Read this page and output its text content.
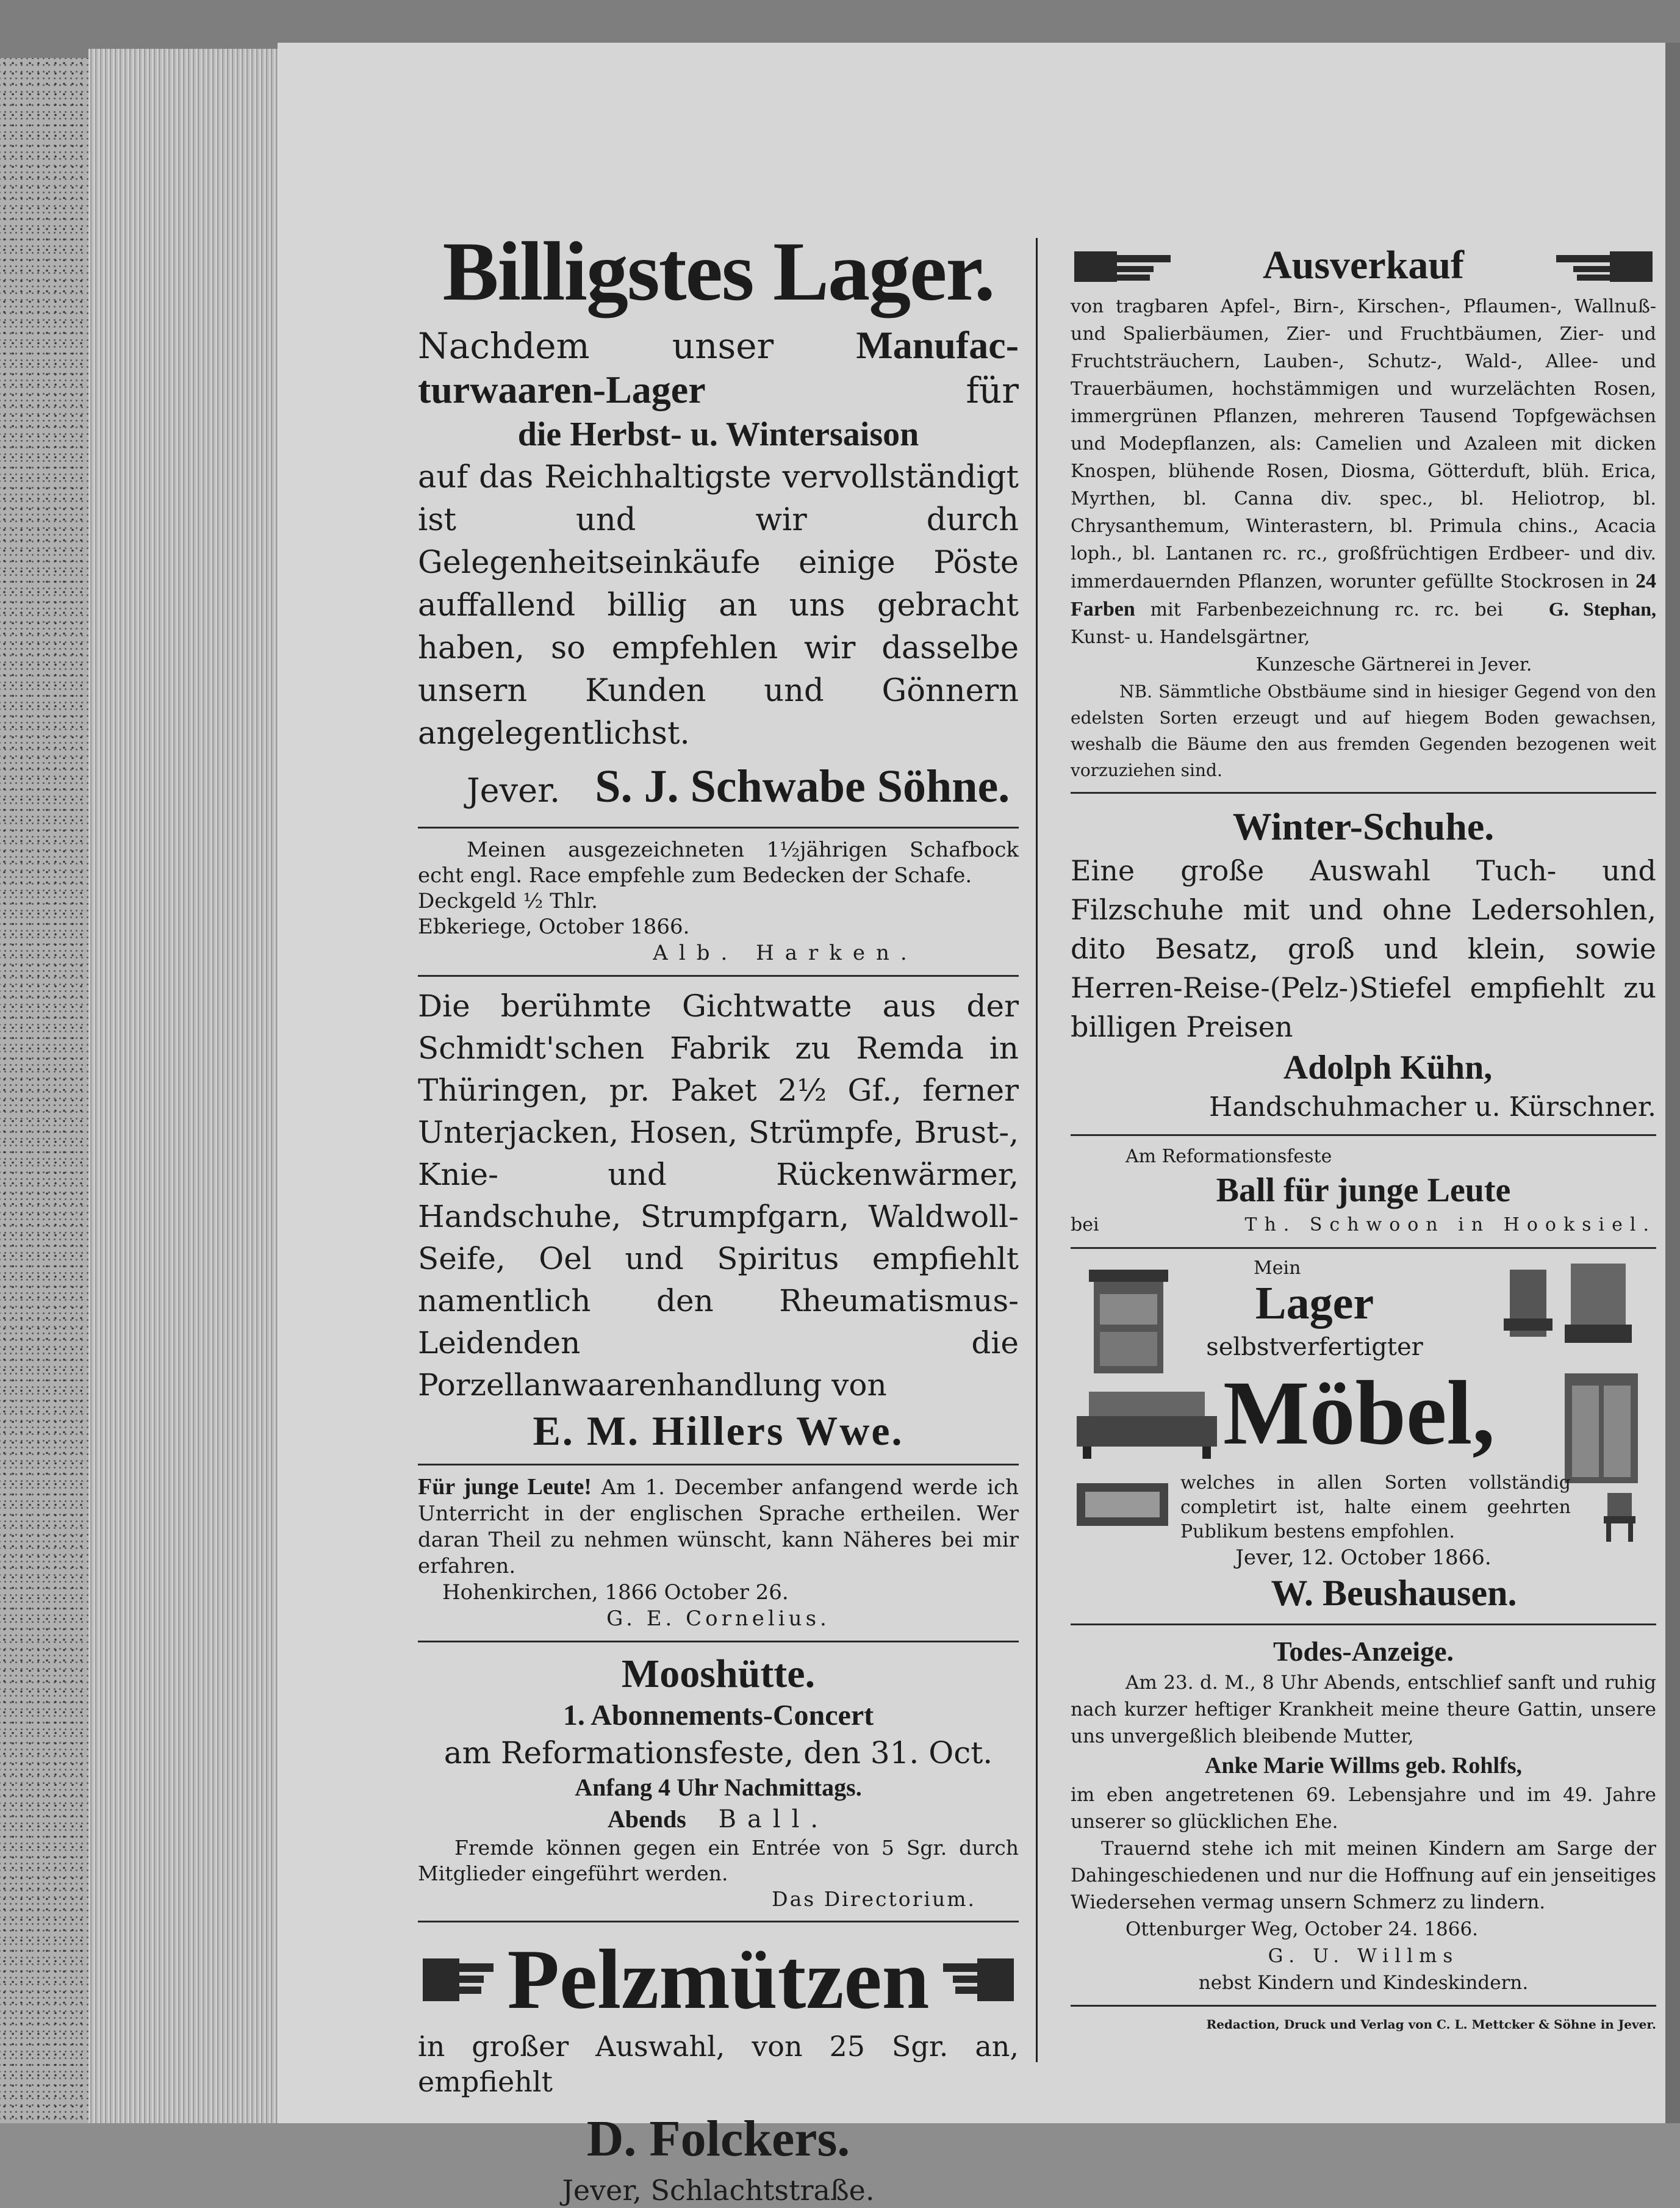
Billigstes Lager.
Nachdem unser Manufac-
turwaaren-Lager	für
die Herbst- u. Wintersaison

auf das Reichhaltigste vervollständigt ist und wir durch Gelegenheitseinkäufe einige Pöste auffallend billig an uns gebracht haben, so empfehlen wir dasselbe unsern Kunden und Gönnern angelegentlichst.

Jever. S. J. Schwabe Söhne.

Meinen ausgezeichneten 1½jährigen Schafbock echt engl. Race empfehle zum Bedecken der Schafe.

Deckgeld ½ Thlr.
Ebkeriege, October 1866.
Alb. Harken.

Die berühmte Gichtwatte aus der Schmidt'schen Fabrik zu Remda in Thüringen, pr. Paket 2½ Gf., ferner Unterjacken, Hosen, Strümpfe, Brust-, Knie- und Rückenwärmer, Handschuhe, Strumpfgarn, Waldwoll-Seife, Oel und Spiritus empfiehlt namentlich den Rheumatismus-Leidenden die Porzellanwaarenhandlung von

E. M. Hillers Wwe.

Für junge Leute! Am 1. December anfangend werde ich Unterricht in der englischen Sprache ertheilen. Wer daran Theil zu nehmen wünscht, kann Näheres bei mir erfahren.

Hohenkirchen, 1866 October 26.
G. E. Cornelius.
Mooshütte.
1. Abonnements-Concert
am Reformationsfeste, den 31. Oct.
Anfang 4 Uhr Nachmittags.
Abends Ball.

Fremde können gegen ein Entrée von 5 Sgr. durch Mitglieder eingeführt werden.

Das Directorium.
Pelzmützen

in großer Auswahl, von 25 Sgr. an, empfiehlt

D. Folckers.
Jever, Schlachtstraße.
Ausverkauf

von tragbaren Apfel-, Birn-, Kirschen-, Pflaumen-, Wallnuß- und Spalierbäumen, Zier- und Fruchtbäumen, Zier- und Fruchtsträuchern, Lauben-, Schutz-, Wald-, Allee- und Trauerbäumen, hochstämmigen und wurzelächten Rosen, immergrünen Pflanzen, mehreren Tausend Topfgewächsen und Modepflanzen, als: Camelien und Azaleen mit dicken Knospen, blühende Rosen, Diosma, Götterduft, blüh. Erica, Myrthen, bl. Canna div. spec., bl. Heliotrop, bl. Chrysanthemum, Winterastern, bl. Primula chins., Acacia loph., bl. Lantanen rc. rc., großfrüchtigen Erdbeer- und div. immerdauernden Pflanzen, worunter gefüllte Stockrosen in 24 Farben mit Farbenbezeichnung rc. rc. bei G. Stephan, Kunst- u. Handelsgärtner,

Kunzesche Gärtnerei in Jever.

NB. Sämmtliche Obstbäume sind in hiesiger Gegend von den edelsten Sorten erzeugt und auf hiegem Boden gewachsen, weshalb die Bäume den aus fremden Gegenden bezogenen weit vorzuziehen sind.

Winter-Schuhe.

Eine große Auswahl Tuch- und Filzschuhe mit und ohne Ledersohlen, dito Besatz, groß und klein, sowie Herren-Reise-(Pelz-)Stiefel empfiehlt zu billigen Preisen

Adolph Kühn,
Handschuhmacher u. Kürschner.
Am Reformationsfeste
Ball für junge Leute
bei	Th. Schwoon in Hooksiel.
Mein
Lager
selbstverfertigter
Möbel,

welches in allen Sorten vollständig completirt ist, halte einem geehrten Publikum bestens empfohlen.

Jever, 12. October 1866.
W. Beushausen.
Todes-Anzeige.

Am 23. d. M., 8 Uhr Abends, entschlief sanft und ruhig nach kurzer heftiger Krankheit meine theure Gattin, unsere uns unvergeßlich bleibende Mutter,

Anke Marie Willms geb. Rohlfs,

im eben angetretenen 69. Lebensjahre und im 49. Jahre unserer so glücklichen Ehe.

Trauernd stehe ich mit meinen Kindern am Sarge der Dahingeschiedenen und nur die Hoffnung auf ein jenseitiges Wiedersehen vermag unsern Schmerz zu lindern.

Ottenburger Weg, October 24. 1866.
G. U. Willms
nebst Kindern und Kindeskindern.
Redaction, Druck und Verlag von C. L. Mettcker & Söhne in Jever.
